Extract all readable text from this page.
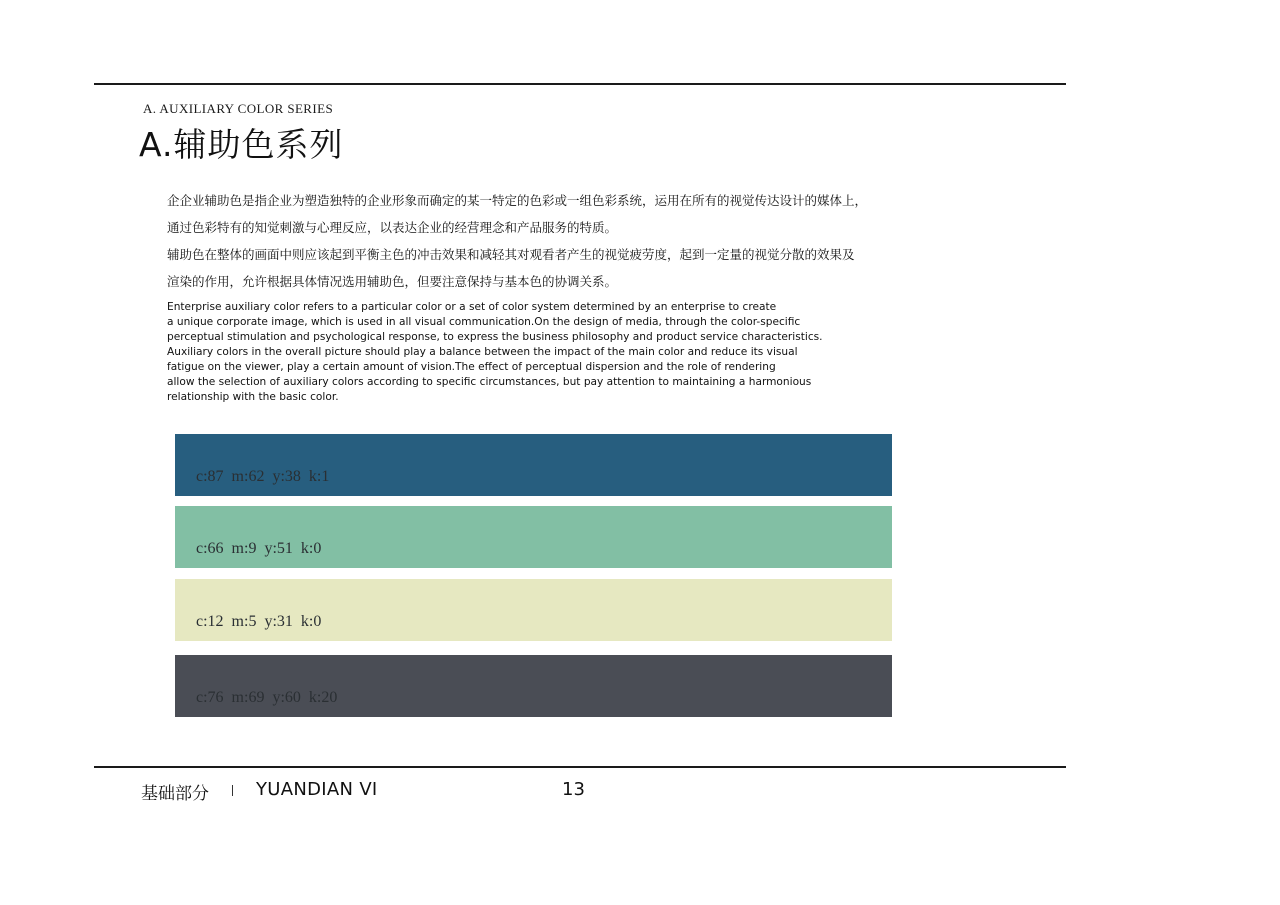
A. AUXILIARY COLOR SERIES
A.辅助色系列
企企业辅助色是指企业为塑造独特的企业形象而确定的某一特定的色彩或一组色彩系统，运用在所有的视觉传达设计的媒体上，
通过色彩特有的知觉刺激与心理反应，以表达企业的经营理念和产品服务的特质。
辅助色在整体的画面中则应该起到平衡主色的冲击效果和减轻其对观看者产生的视觉疲劳度，起到一定量的视觉分散的效果及
渲染的作用，允许根据具体情况选用辅助色，但要注意保持与基本色的协调关系。
Enterprise auxiliary color refers to a particular color or a set of color system determined by an enterprise to create
a unique corporate image, which is used in all visual communication.On the design of media, through the color-specific
perceptual stimulation and psychological response, to express the business philosophy and product service characteristics.
Auxiliary colors in the overall picture should play a balance between the impact of the main color and reduce its visual
fatigue on the viewer, play a certain amount of vision.The effect of perceptual dispersion and the role of rendering
allow the selection of auxiliary colors according to specific circumstances, but pay attention to maintaining a harmonious
relationship with the basic color.
c:87  m:62  y:38  k:1
c:66  m:9  y:51  k:0
c:12  m:5  y:31  k:0
c:76  m:69  y:60  k:20
基础部分	YUANDIAN VI	13
